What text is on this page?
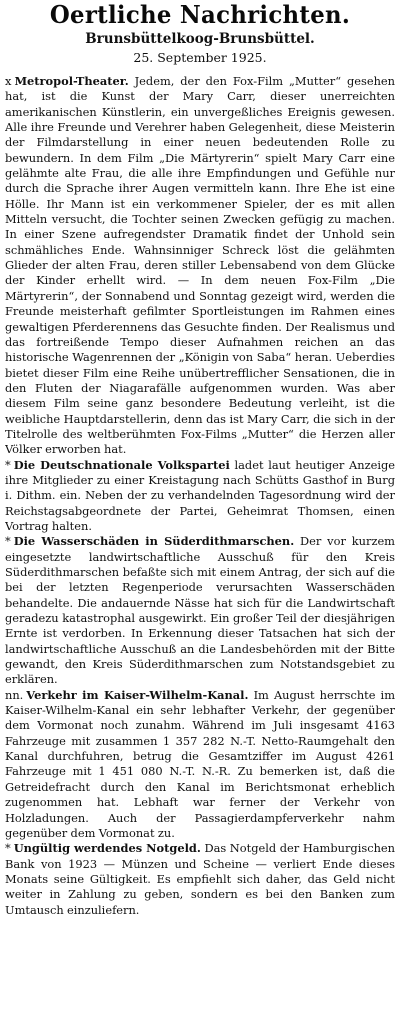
Oertliche Nachrichten.
Brunsbüttelkoog-Brunsbüttel.
25. September 1925.

x Metropol-Theater. Jedem, der den Fox-Film „Mutter“ gesehen hat, ist die Kunst der Mary Carr, dieser unerreichten amerikanischen Künstlerin, ein unvergeßliches Ereignis gewesen. Alle ihre Freunde und Verehrer haben Gelegenheit, diese Meisterin der Filmdarstellung in einer neuen bedeutenden Rolle zu bewundern. In dem Film „Die Märtyrerin“ spielt Mary Carr eine gelähmte alte Frau, die alle ihre Empfindungen und Gefühle nur durch die Sprache ihrer Augen vermitteln kann. Ihre Ehe ist eine Hölle. Ihr Mann ist ein verkommener Spieler, der es mit allen Mitteln versucht, die Tochter seinen Zwecken gefügig zu machen. In einer Szene aufregendster Dramatik findet der Unhold sein schmähliches Ende. Wahnsinniger Schreck löst die gelähmten Glieder der alten Frau, deren stiller Lebensabend von dem Glücke der Kinder erhellt wird. — In dem neuen Fox-Film „Die Märtyrerin“, der Sonnabend und Sonntag gezeigt wird, werden die Freunde meisterhaft gefilmter Sportleistungen im Rahmen eines gewaltigen Pferderennens das Gesuchte finden. Der Realismus und das fortreißende Tempo dieser Aufnahmen reichen an das historische Wagenrennen der „Königin von Saba“ heran. Ueberdies bietet dieser Film eine Reihe unübertrefflicher Sensationen, die in den Fluten der Niagarafälle aufgenommen wurden. Was aber diesem Film seine ganz besondere Bedeutung verleiht, ist die weibliche Hauptdarstellerin, denn das ist Mary Carr, die sich in der Titelrolle des weltberühmten Fox-Films „Mutter“ die Herzen aller Völker erworben hat.

* Die Deutschnationale Volkspartei ladet laut heutiger Anzeige ihre Mitglieder zu einer Kreistagung nach Schütts Gasthof in Burg i. Dithm. ein. Neben der zu verhandelnden Tagesordnung wird der Reichstagsabgeordnete der Partei, Geheimrat Thomsen, einen Vortrag halten.

* Die Wasserschäden in Süderdithmarschen. Der vor kurzem eingesetzte landwirtschaftliche Ausschuß für den Kreis Süderdithmarschen befaßte sich mit einem Antrag, der sich auf die bei der letzten Regenperiode verursachten Wasserschäden behandelte. Die andauernde Nässe hat sich für die Landwirtschaft geradezu katastrophal ausgewirkt. Ein großer Teil der diesjährigen Ernte ist verdorben. In Erkennung dieser Tatsachen hat sich der landwirtschaftliche Ausschuß an die Landesbehörden mit der Bitte gewandt, den Kreis Süderdithmarschen zum Notstandsgebiet zu erklären.

nn. Verkehr im Kaiser-Wilhelm-Kanal. Im August herrschte im Kaiser-Wilhelm-Kanal ein sehr lebhafter Verkehr, der gegenüber dem Vormonat noch zunahm. Während im Juli insgesamt 4163 Fahrzeuge mit zusammen 1 357 282 N.-T. Netto-Raumgehalt den Kanal durchfuhren, betrug die Gesamtziffer im August 4261 Fahrzeuge mit 1 451 080 N.-T. N.-R. Zu bemerken ist, daß die Getreidefracht durch den Kanal im Berichtsmonat erheblich zugenommen hat. Lebhaft war ferner der Verkehr von Holzladungen. Auch der Passagierdampferverkehr nahm gegenüber dem Vormonat zu.

* Ungültig werdendes Notgeld. Das Notgeld der Hamburgischen Bank von 1923 — Münzen und Scheine — verliert Ende dieses Monats seine Gültigkeit. Es empfiehlt sich daher, das Geld nicht weiter in Zahlung zu geben, sondern es bei den Banken zum Umtausch einzuliefern.
